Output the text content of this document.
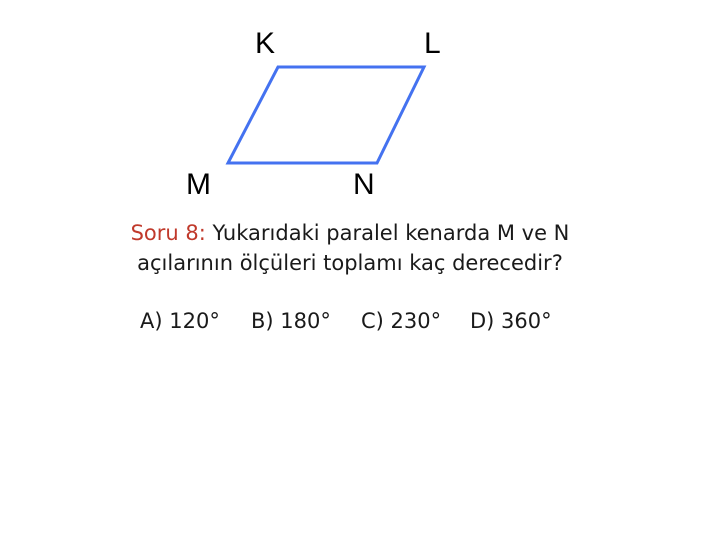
K	L
M	N
Soru 8: Yukarıdaki paralel kenarda M ve N açılarının ölçüleri toplamı kaç derecedir?
A) 120° B) 180° C) 230° D) 360°
